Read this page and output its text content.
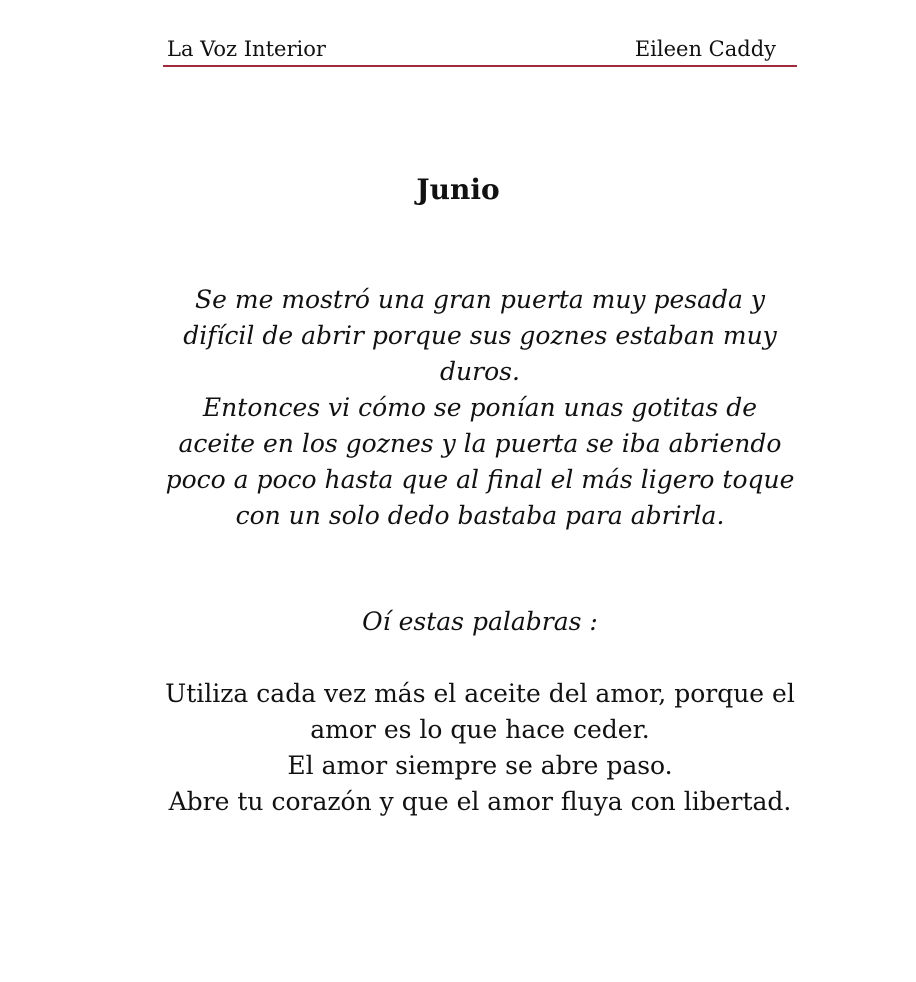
La Voz Interior	Eileen Caddy
Junio

Se me mostró una gran puerta muy pesada y difícil de abrir porque sus goznes estaban muy duros.

Entonces vi cómo se ponían unas gotitas de aceite en los goznes y la puerta se iba abriendo poco a poco hasta que al final el más ligero toque con un solo dedo bastaba para abrirla.

Oí estas palabras :

Utiliza cada vez más el aceite del amor, porque el amor es lo que hace ceder.

El amor siempre se abre paso.

Abre tu corazón y que el amor fluya con libertad.
